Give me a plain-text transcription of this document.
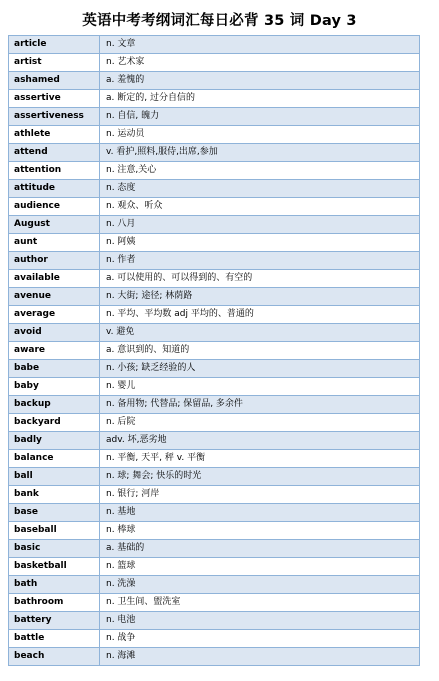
英语中考考纲词汇每日必背 35 词 Day 3
article	n. 文章
artist	n. 艺术家
ashamed	a. 羞愧的
assertive	a. 断定的, 过分自信的
assertiveness	n. 自信, 魄力
athlete	n. 运动员
attend	v. 看护,照料,服侍,出席,参加
attention	n. 注意,关心
attitude	n. 态度
audience	n. 观众、听众
August	n. 八月
aunt	n. 阿姨
author	n. 作者
available	a. 可以使用的、可以得到的、有空的
avenue	n. 大街; 途径; 林荫路
average	n. 平均、平均数 adj 平均的、普通的
avoid	v. 避免
aware	a. 意识到的、知道的
babe	n. 小孩; 缺乏经验的人
baby	n. 婴儿
backup	n. 备用物; 代替品; 保留品, 多余件
backyard	n. 后院
badly	adv. 坏,恶劣地
balance	n. 平衡, 天平, 秤 v. 平衡
ball	n. 球; 舞会; 快乐的时光
bank	n. 银行; 河岸
base	n. 基地
baseball	n. 棒球
basic	a. 基础的
basketball	n. 篮球
bath	n. 洗澡
bathroom	n. 卫生间、盥洗室
battery	n. 电池
battle	n. 战争
beach	n. 海滩
